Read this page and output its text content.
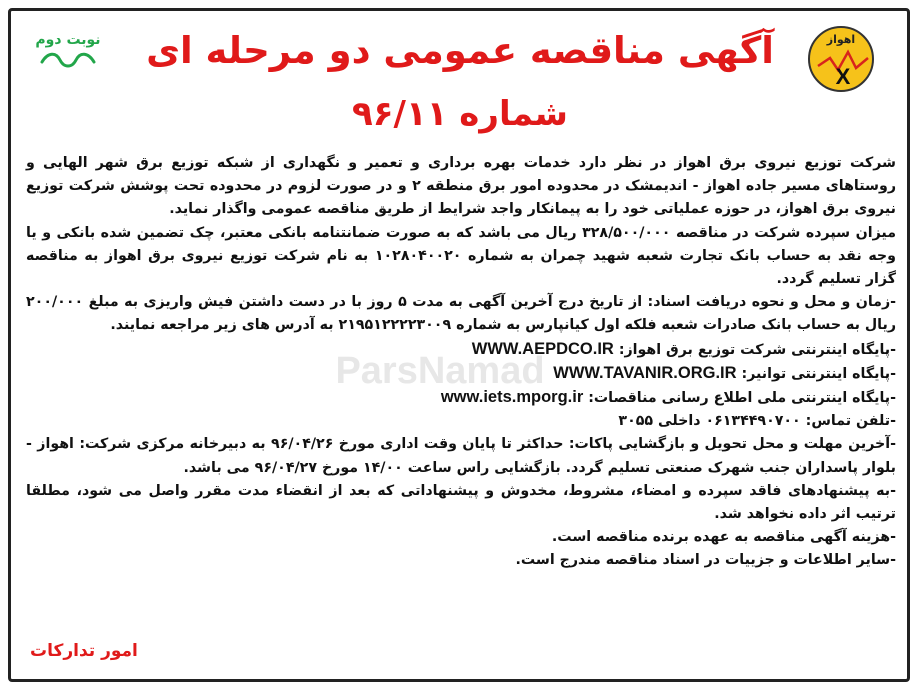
ParsNamad
اهواز
X
نوبت دوم	آگهی مناقصه عمومی دو مرحله ای
شماره ۹۶/۱۱

شرکت توزیع نیروی برق اهواز در نظر دارد خدمات بهره برداری و تعمیر و نگهداری از شبکه توزیع برق شهر الهایی و روستاهای مسیر جاده اهواز - اندیمشک در محدوده امور برق منطقه ۲ و در صورت لزوم در محدوده تحت پوشش شرکت توزیع نیروی برق اهواز، در حوزه عملیاتی خود را به پیمانکار واجد شرایط از طریق مناقصه عمومی واگذار نماید.

میزان سپرده شرکت در مناقصه ۳۲۸/۵۰۰/۰۰۰ ریال می باشد که به صورت ضمانتنامه بانکی معتبر، چک تضمین شده بانکی و یا وجه نقد به حساب بانک تجارت شعبه شهید چمران به شماره ۱۰۲۸۰۴۰۰۲۰ به نام شرکت توزیع نیروی برق اهواز به مناقصه گزار تسلیم گردد.

-زمان و محل و نحوه دریافت اسناد: از تاریخ درج آخرین آگهی به مدت ۵ روز با در دست داشتن فیش واریزی به مبلغ ۲۰۰/۰۰۰ ریال به حساب بانک صادرات شعبه فلکه اول کیانپارس به شماره ۲۱۹۵۱۲۲۲۲۳۰۰۹ به آدرس های زیر مراجعه نمایند.

-پایگاه اینترنتی شرکت توزیع برق اهواز: WWW.AEPDCO.IR

-پایگاه اینترنتی توانیر: WWW.TAVANIR.ORG.IR

-پایگاه اینترنتی ملی اطلاع رسانی مناقصات: www.iets.mporg.ir

-تلفن تماس: ۰۶۱۳۴۴۹۰۷۰۰ داخلی ۳۰۵۵

-آخرین مهلت و محل تحویل و بازگشایی پاکات: حداکثر تا پایان وقت اداری مورخ ۹۶/۰۴/۲۶ به دبیرخانه مرکزی شرکت: اهواز - بلوار پاسداران جنب شهرک صنعتی تسلیم گردد. بازگشایی راس ساعت ۱۴/۰۰ مورخ ۹۶/۰۴/۲۷ می باشد.

-به پیشنهادهای فاقد سپرده و امضاء، مشروط، مخدوش و پیشنهاداتی که بعد از انقضاء مدت مقرر واصل می شود، مطلقا ترتیب اثر داده نخواهد شد.

-هزینه آگهی مناقصه به عهده برنده مناقصه است.

-سایر اطلاعات و جزییات در اسناد مناقصه مندرج است.

امور تدارکات
